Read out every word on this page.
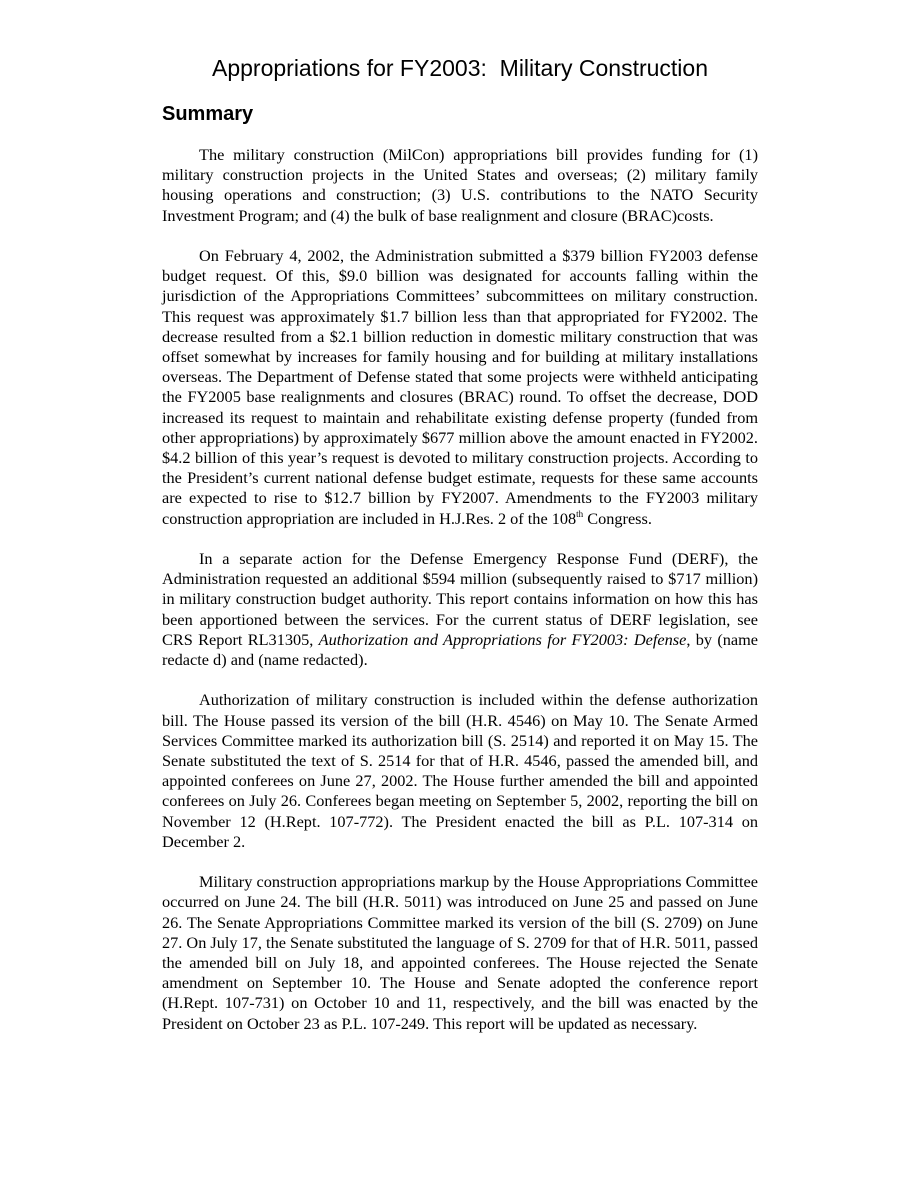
Appropriations for FY2003:  Military Construction
Summary

The military construction (MilCon) appropriations bill provides funding for (1) military construction projects in the United States and overseas; (2) military family housing operations and construction; (3) U.S. contributions to the NATO Security Investment Program; and (4) the bulk of base realignment and closure (BRAC)costs.

On February 4, 2002, the Administration submitted a $379 billion FY2003 defense budget request. Of this, $9.0 billion was designated for accounts falling within the jurisdiction of the Appropriations Committees’ subcommittees on military construction. This request was approximately $1.7 billion less than that appropriated for FY2002. The decrease resulted from a $2.1 billion reduction in domestic military construction that was offset somewhat by increases for family housing and for building at military installations overseas. The Department of Defense stated that some projects were withheld anticipating the FY2005 base realignments and closures (BRAC) round. To offset the decrease, DOD increased its request to maintain and rehabilitate existing defense property (funded from other appropriations) by approximately $677 million above the amount enacted in FY2002. $4.2 billion of this year’s request is devoted to military construction projects. According to the President’s current national defense budget estimate, requests for these same accounts are expected to rise to $12.7 billion by FY2007. Amendments to the FY2003 military construction appropriation are included in H.J.Res. 2 of the 108th Congress.

In a separate action for the Defense Emergency Response Fund (DERF), the Administration requested an additional $594 million (subsequently raised to $717 million) in military construction budget authority. This report contains information on how this has been apportioned between the services. For the current status of DERF legislation, see CRS Report RL31305, Authorization and Appropriations for FY2003: Defense, by (name redacte d) and (name redacted).

Authorization of military construction is included within the defense authorization bill. The House passed its version of the bill (H.R. 4546) on May 10. The Senate Armed Services Committee marked its authorization bill (S. 2514) and reported it on May 15. The Senate substituted the text of S. 2514 for that of H.R. 4546, passed the amended bill, and appointed conferees on June 27, 2002. The House further amended the bill and appointed conferees on July 26. Conferees began meeting on September 5, 2002, reporting the bill on November 12 (H.Rept. 107-772). The President enacted the bill as P.L. 107-314 on December 2.

Military construction appropriations markup by the House Appropriations Committee occurred on June 24. The bill (H.R. 5011) was introduced on June 25 and passed on June 26. The Senate Appropriations Committee marked its version of the bill (S. 2709) on June 27. On July 17, the Senate substituted the language of S. 2709 for that of H.R. 5011, passed the amended bill on July 18, and appointed conferees. The House rejected the Senate amendment on September 10. The House and Senate adopted the conference report (H.Rept. 107-731) on October 10 and 11, respectively, and the bill was enacted by the President on October 23 as P.L. 107-249. This report will be updated as necessary.
